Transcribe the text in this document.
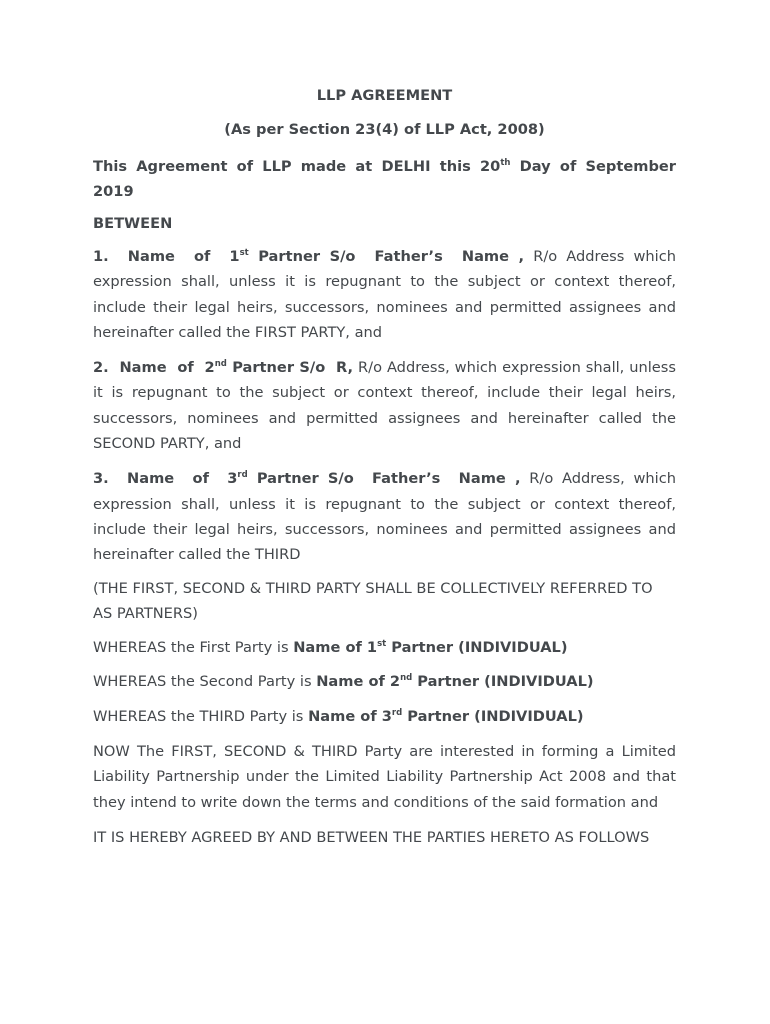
LLP AGREEMENT

(As per Section 23(4) of LLP Act, 2008)

This Agreement of LLP made at DELHI this 20th Day of September 2019

BETWEEN

1.  Name  of  1st Partner S/o  Father’s  Name , R/o Address which expression shall, unless it is repugnant to the subject or context thereof, include their legal heirs, successors, nominees and permitted assignees and hereinafter called the FIRST PARTY, and

2.  Name  of  2nd Partner S/o  R, R/o Address, which expression shall, unless it is repugnant to the subject or context thereof, include their legal heirs, successors, nominees and permitted assignees and hereinafter called the SECOND PARTY, and

3.  Name  of  3rd Partner S/o  Father’s  Name , R/o Address, which expression shall, unless it is repugnant to the subject or context thereof, include their legal heirs, successors, nominees and permitted assignees and hereinafter called the THIRD

(THE FIRST, SECOND & THIRD PARTY SHALL BE COLLECTIVELY REFERRED TO AS PARTNERS)

WHEREAS the First Party is Name of 1st Partner (INDIVIDUAL)

WHEREAS the Second Party is Name of 2nd Partner (INDIVIDUAL)

WHEREAS the THIRD Party is Name of 3rd Partner (INDIVIDUAL)

NOW The FIRST, SECOND & THIRD Party are interested in forming a Limited Liability Partnership under the Limited Liability Partnership Act 2008 and that they intend to write down the terms and conditions of the said formation and

IT IS HEREBY AGREED BY AND BETWEEN THE PARTIES HERETO AS FOLLOWS
